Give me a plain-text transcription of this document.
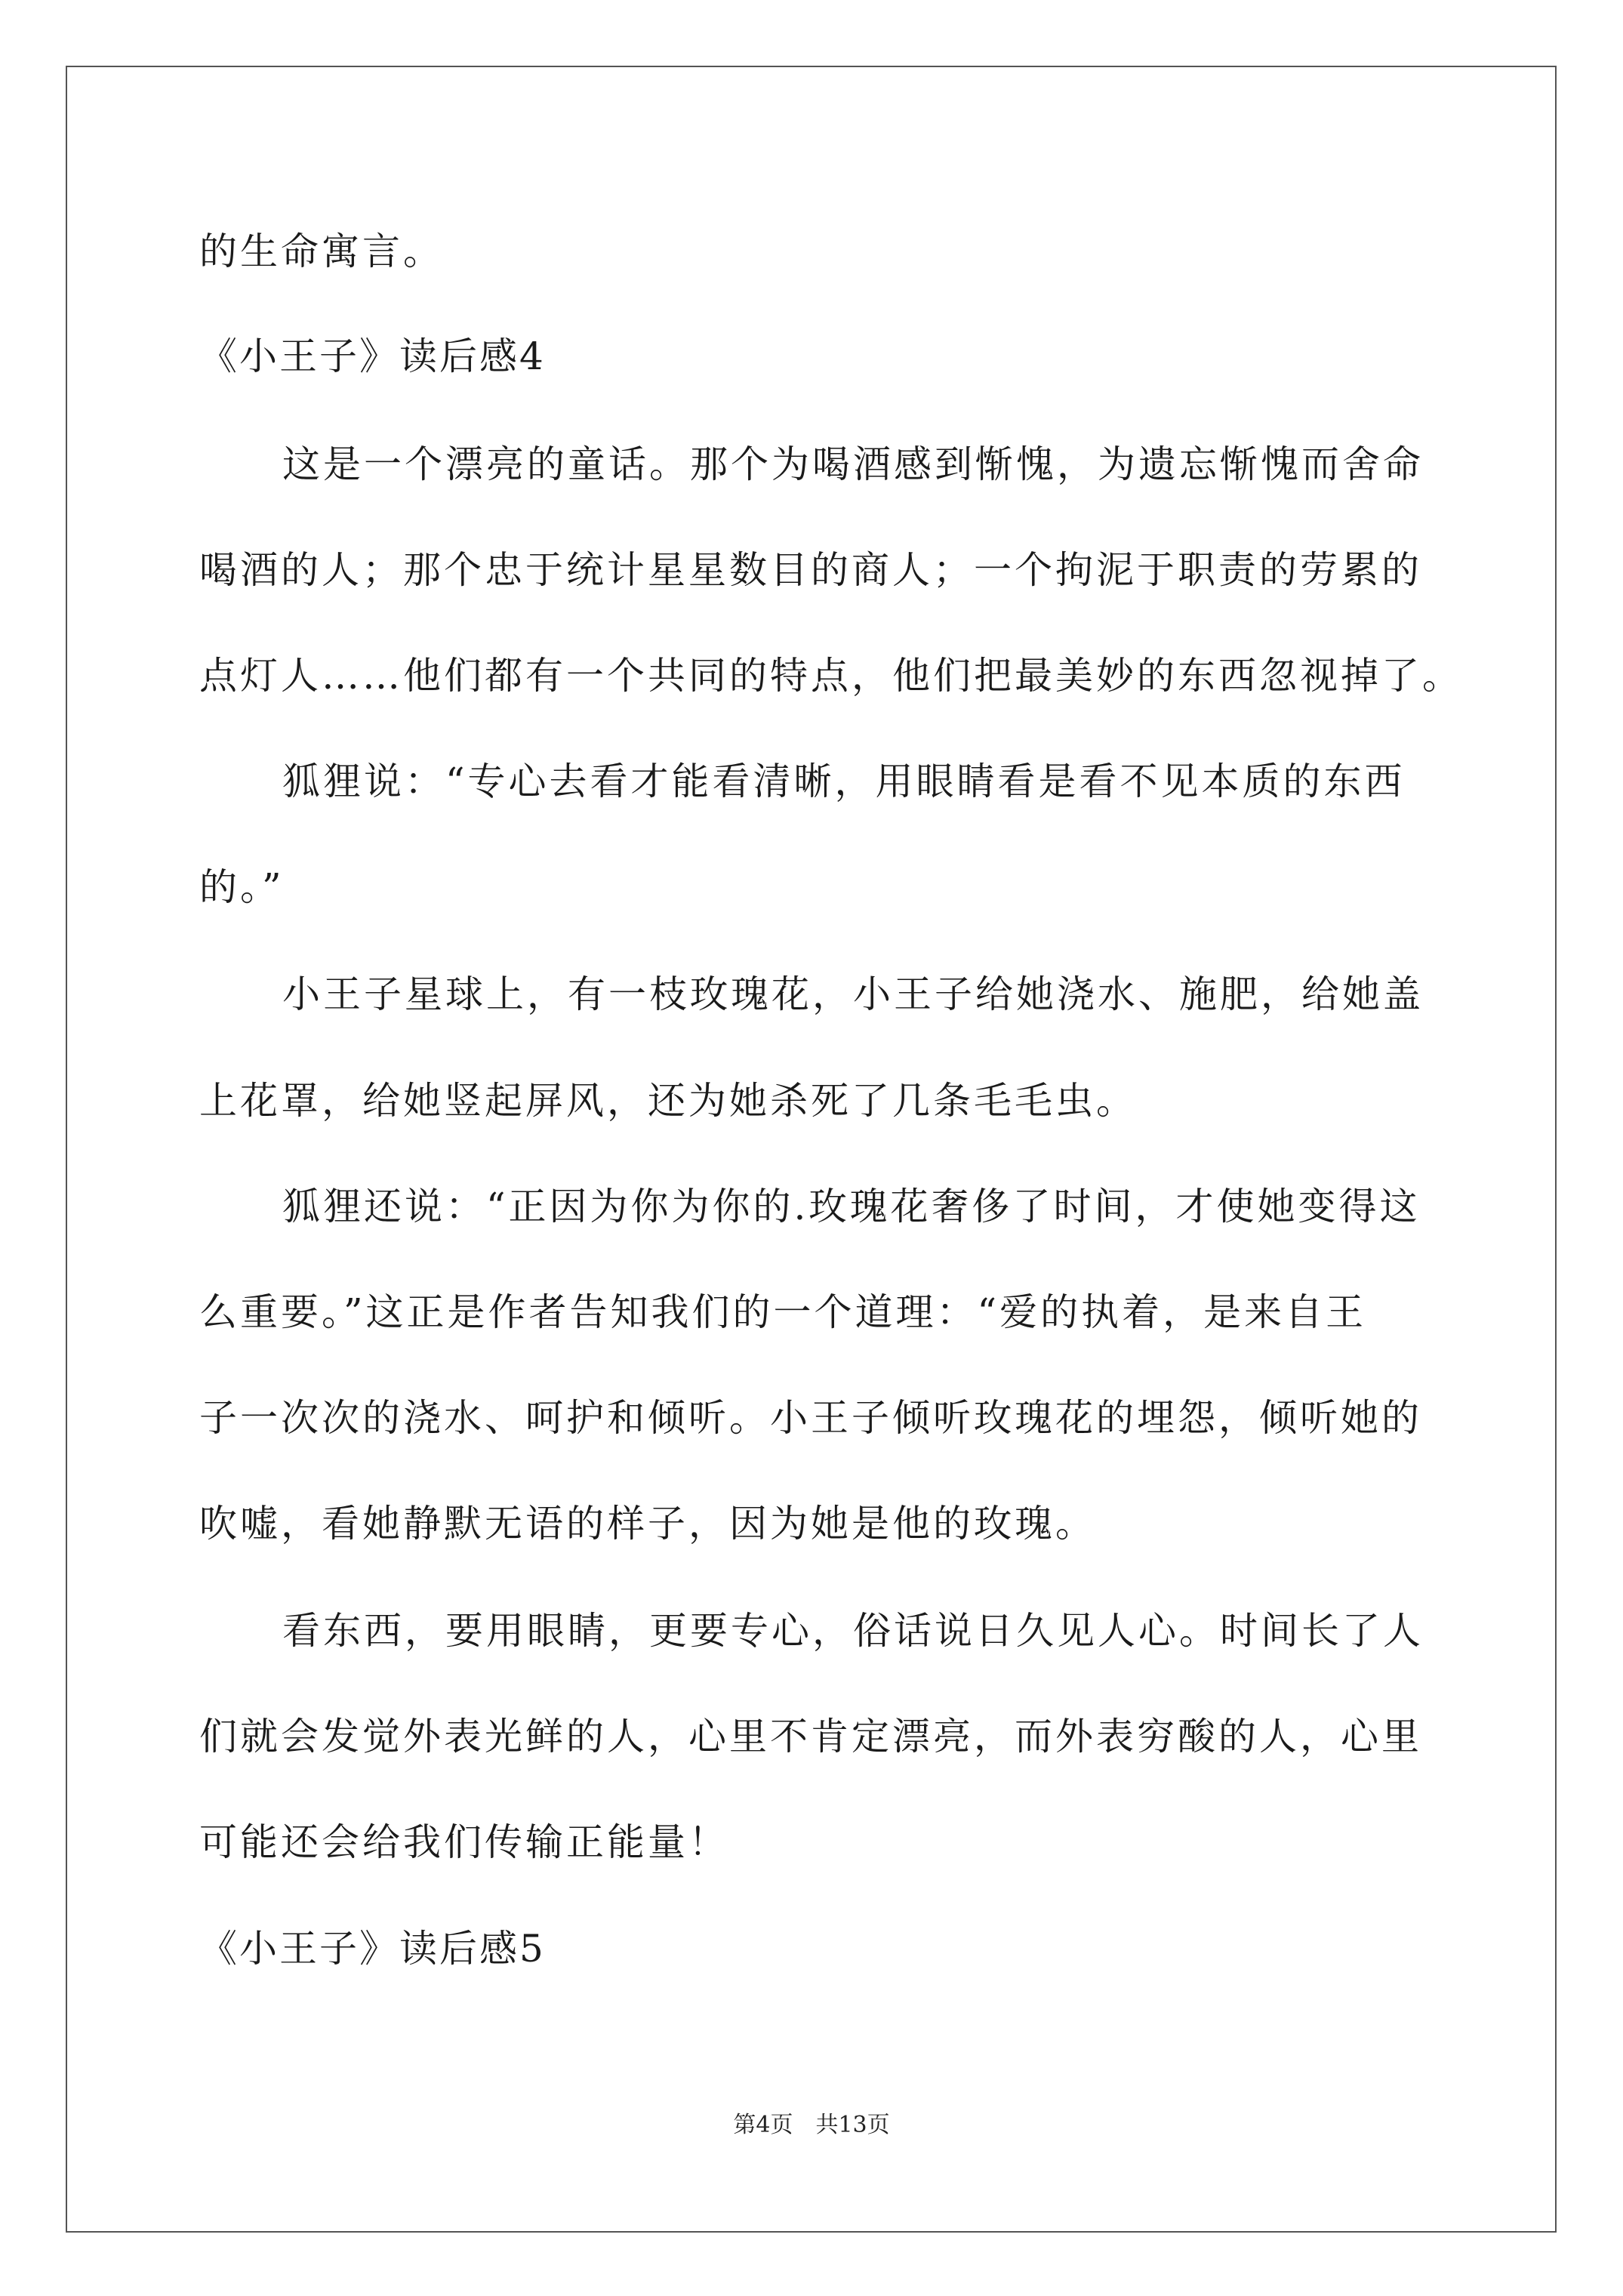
的生命寓言。
《小王子》读后感4
这是一个漂亮的童话。那个为喝酒感到惭愧，为遗忘惭愧而舍命
喝酒的人；那个忠于统计星星数目的商人；一个拘泥于职责的劳累的
点灯人……他们都有一个共同的特点，他们把最美妙的东西忽视掉了。
狐狸说：“专心去看才能看清晰，用眼睛看是看不见本质的东西
的。”
小王子星球上，有一枝玫瑰花，小王子给她浇水、施肥，给她盖
上花罩，给她竖起屏风，还为她杀死了几条毛毛虫。
狐狸还说：“正因为你为你的.玫瑰花奢侈了时间，才使她变得这
么重要。”这正是作者告知我们的一个道理：“爱的执着，是来自王
子一次次的浇水、呵护和倾听。小王子倾听玫瑰花的埋怨，倾听她的
吹嘘，看她静默无语的样子，因为她是他的玫瑰。
看东西，要用眼睛，更要专心，俗话说日久见人心。时间长了人
们就会发觉外表光鲜的人，心里不肯定漂亮，而外表穷酸的人，心里
可能还会给我们传输正能量！
《小王子》读后感5
第4页　共13页
